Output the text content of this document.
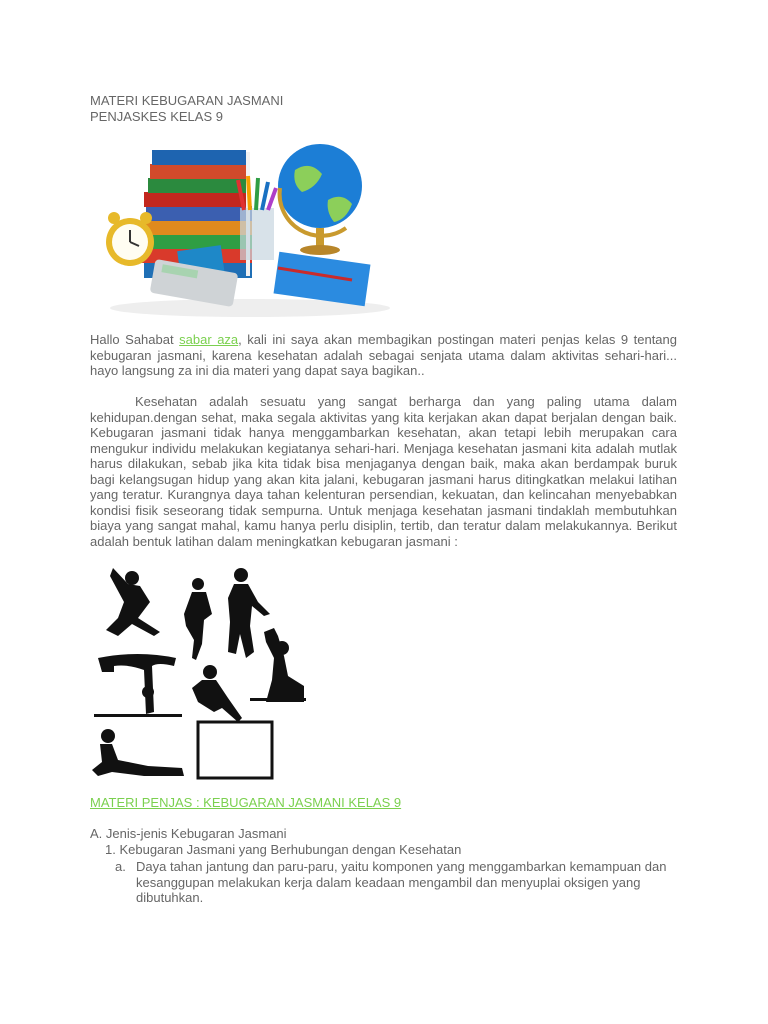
MATERI KEBUGARAN JASMANI
PENJASKES KELAS 9
Hallo Sahabat sabar aza, kali ini saya akan membagikan postingan materi penjas kelas 9 tentang kebugaran jasmani, karena kesehatan adalah sebagai senjata utama dalam aktivitas sehari-hari... hayo langsung za ini dia materi yang dapat saya bagikan..
Kesehatan adalah sesuatu yang sangat berharga dan yang paling utama dalam kehidupan.dengan sehat, maka segala aktivitas yang kita kerjakan akan dapat berjalan dengan baik. Kebugaran jasmani tidak hanya menggambarkan kesehatan, akan tetapi lebih merupakan cara mengukur individu melakukan kegiatanya sehari-hari. Menjaga kesehatan jasmani kita adalah mutlak harus dilakukan, sebab jika kita tidak bisa menjaganya dengan baik, maka akan berdampak buruk bagi kelangsugan hidup yang akan kita jalani, kebugaran jasmani harus ditingkatkan melakui latihan yang teratur. Kurangnya daya tahan kelenturan persendian, kekuatan, dan kelincahan menyebabkan kondisi fisik seseorang tidak sempurna. Untuk menjaga kesehatan jasmani tindaklah membutuhkan biaya yang sangat mahal, kamu hanya perlu disiplin, tertib, dan teratur dalam melakukannya. Berikut adalah bentuk latihan dalam meningkatkan kebugaran jasmani :
MATERI PENJAS : KEBUGARAN JASMANI KELAS 9
A. Jenis-jenis Kebugaran Jasmani
1. Kebugaran Jasmani yang Berhubungan dengan Kesehatan
a. Daya tahan jantung dan paru-paru, yaitu komponen yang menggambarkan kemampuan dan kesanggupan melakukan kerja dalam keadaan mengambil dan menyuplai oksigen yang dibutuhkan.
